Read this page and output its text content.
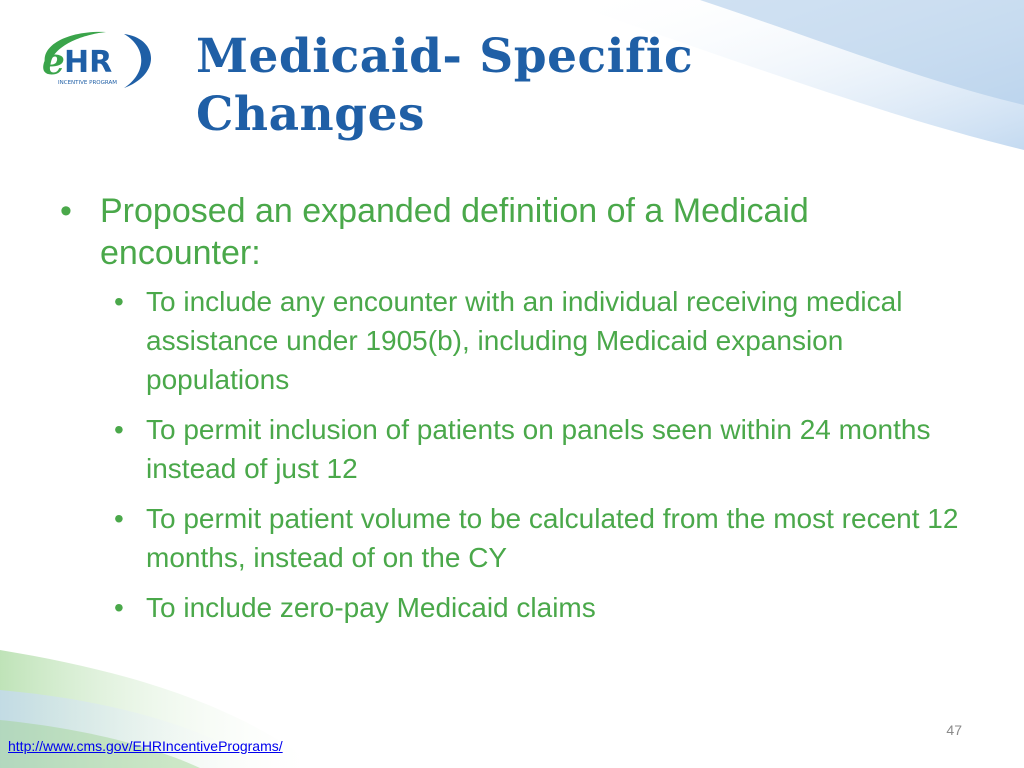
e HR
INCENTIVE PROGRAM Medicaid- Specific
Changes
• Proposed an expanded definition of a Medicaid encounter:
• To include any encounter with an individual receiving medical assistance under 1905(b), including Medicaid expansion populations
• To permit inclusion of patients on panels seen within 24 months instead of just 12
• To permit patient volume to be calculated from the most recent 12 months, instead of on the CY
• To include zero-pay Medicaid claims
47
http://www.cms.gov/EHRIncentivePrograms/
